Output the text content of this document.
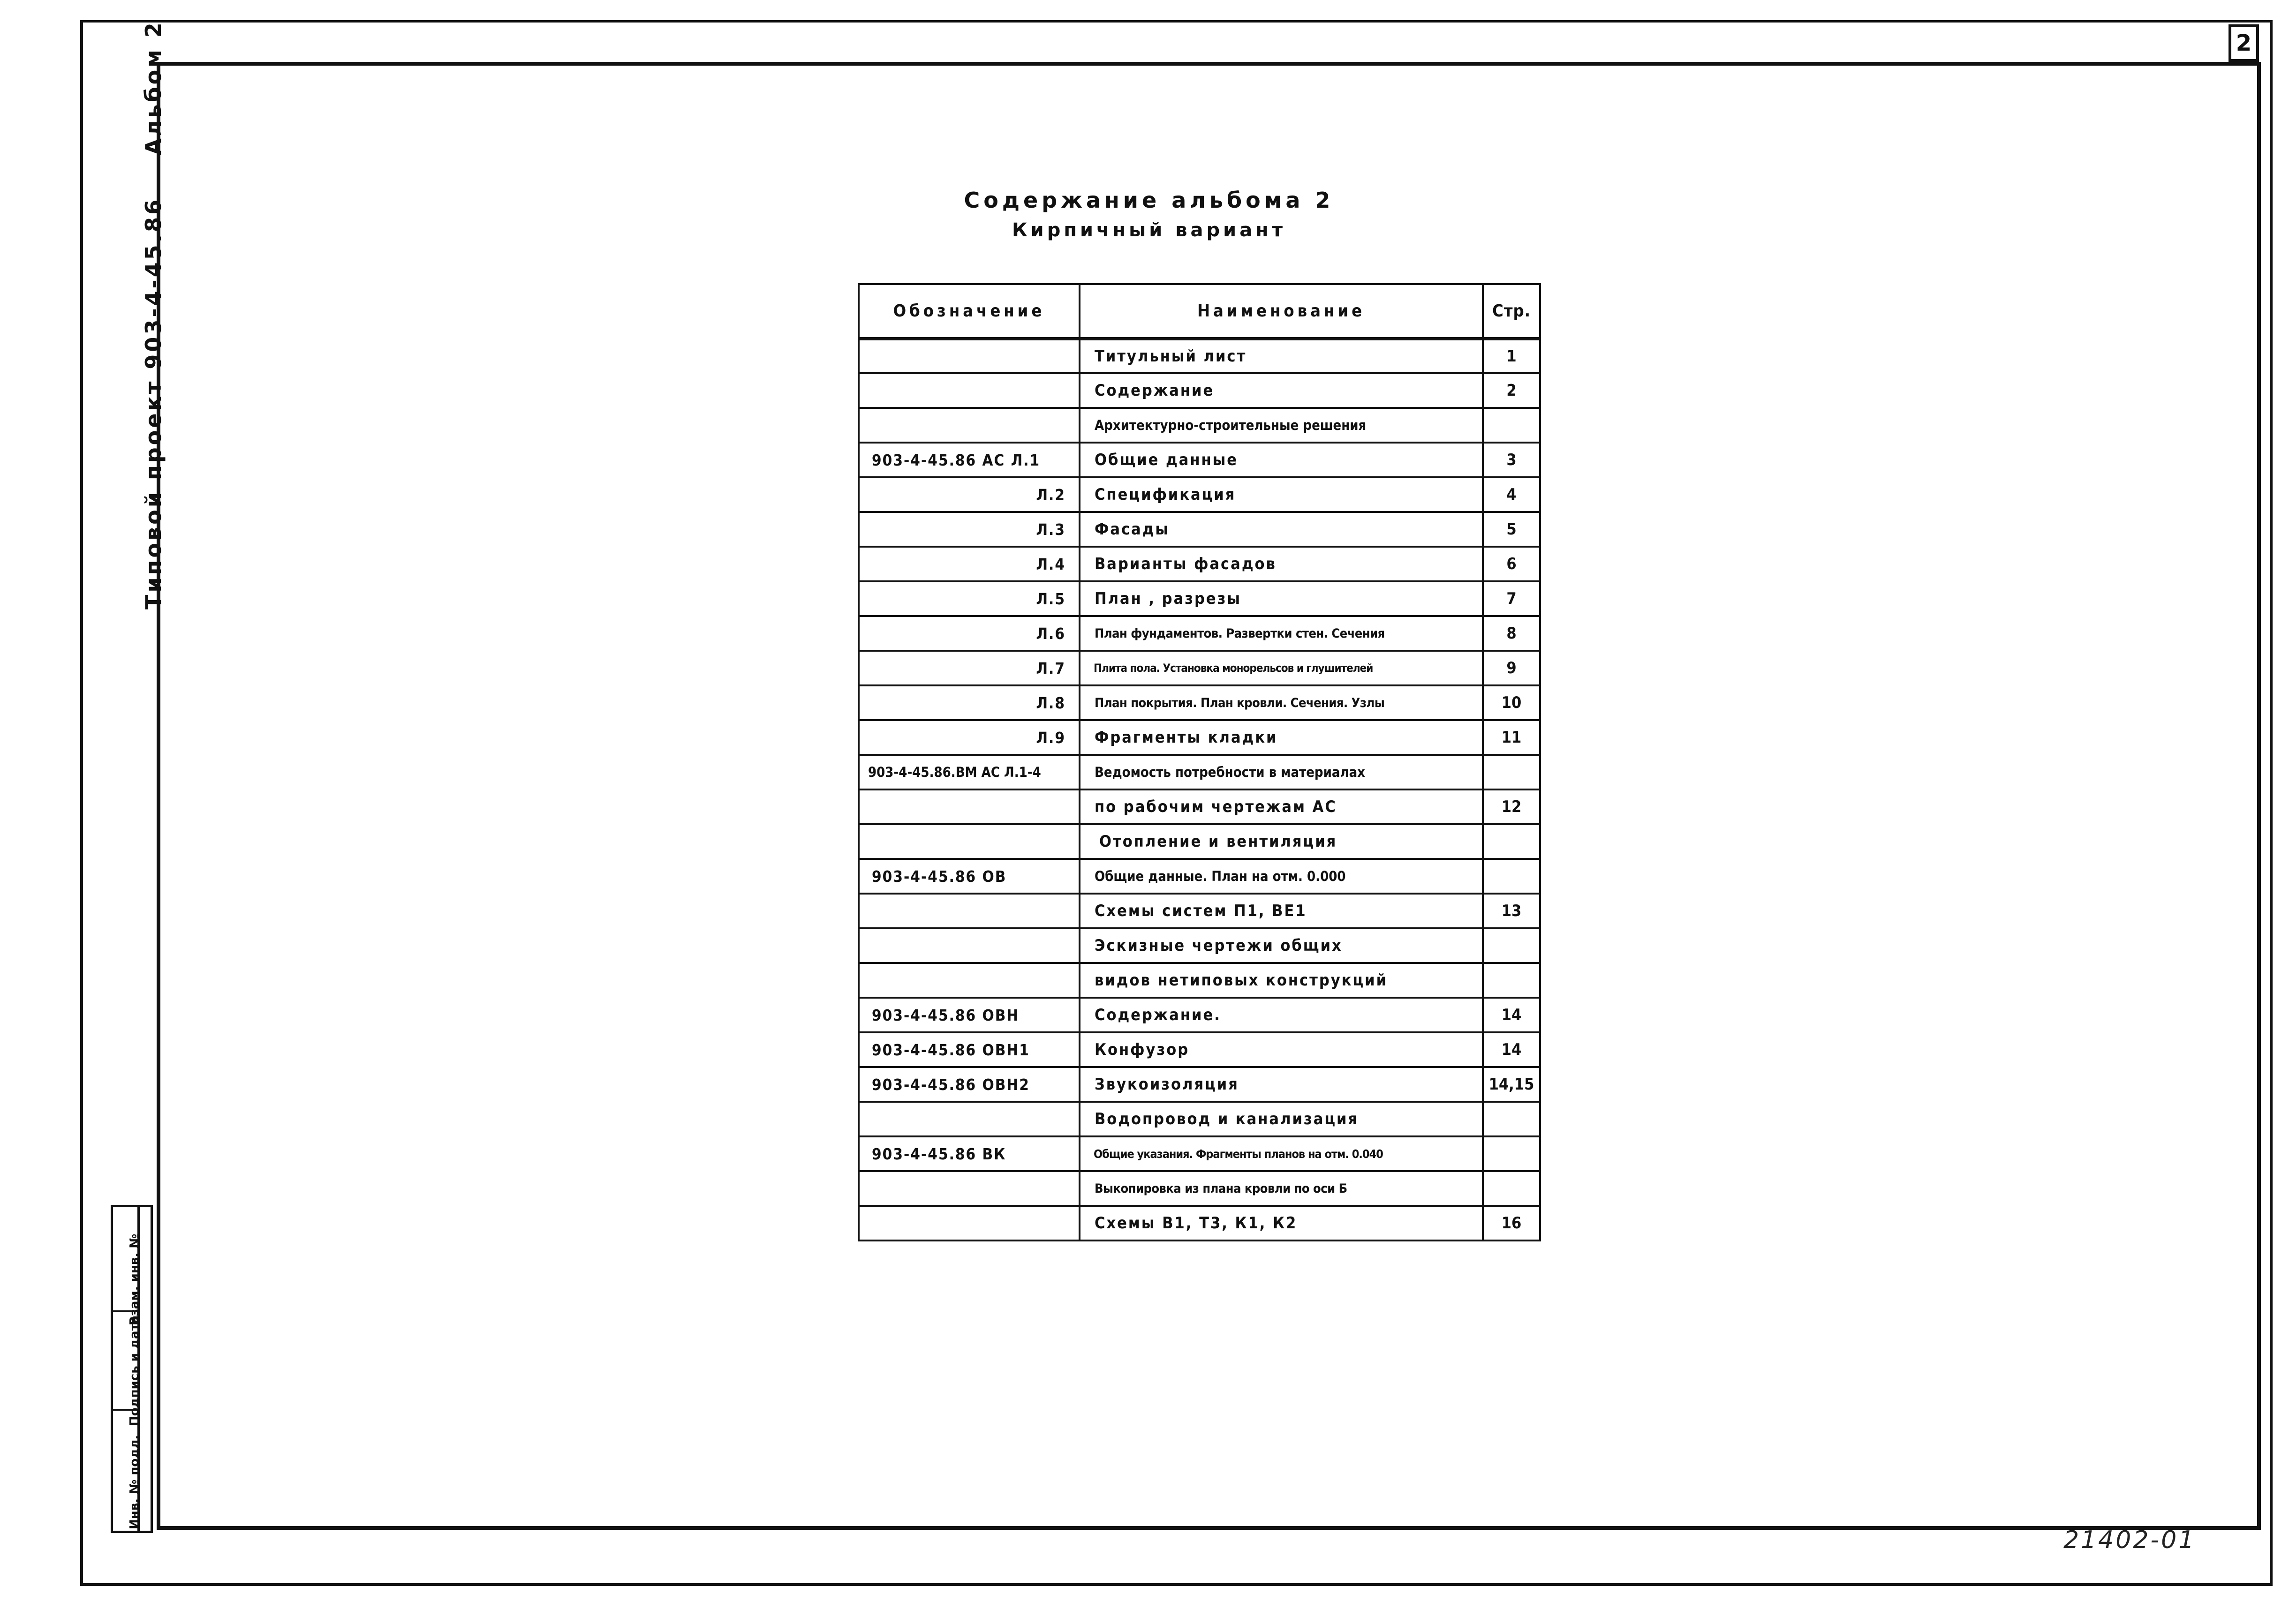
2
Типовой проект 903-4-45.86
Альбом 2
Инв. № подл.
Подпись и дата
Взам. инв. №
Содержание альбома 2
Кирпичный вариант
Обозначение	Наименование	Стр.
	Титульный лист	1
	Содержание	2
	Архитектурно-строительные решения	
903-4-45.86 АС Л.1	Общие данные	3
Л.2	Спецификация	4
Л.3	Фасады	5
Л.4	Варианты фасадов	6
Л.5	План , разрезы	7
Л.6	План фундаментов. Развертки стен. Сечения	8
Л.7	Плита пола. Установка монорельсов и глушителей	9
Л.8	План покрытия. План кровли. Сечения. Узлы	10
Л.9	Фрагменты кладки	11
903-4-45.86.ВМ АС Л.1-4	Ведомость потребности в материалах	
	по рабочим чертежам АС	12
	Отопление и вентиляция	
903-4-45.86 ОВ	Общие данные. План на отм. 0.000	
	Схемы систем П1, ВЕ1	13
	Эскизные чертежи общих	
	видов нетиповых конструкций	
903-4-45.86 ОВН	Содержание.	14
903-4-45.86 ОВН1	Конфузор	14
903-4-45.86 ОВН2	Звукоизоляция	14,15
	Водопровод и канализация	
903-4-45.86 ВК	Общие указания. Фрагменты планов на отм. 0.040	
	Выкопировка из плана кровли по оси Б	
	Схемы В1, Т3, К1, К2	16
21402-01
